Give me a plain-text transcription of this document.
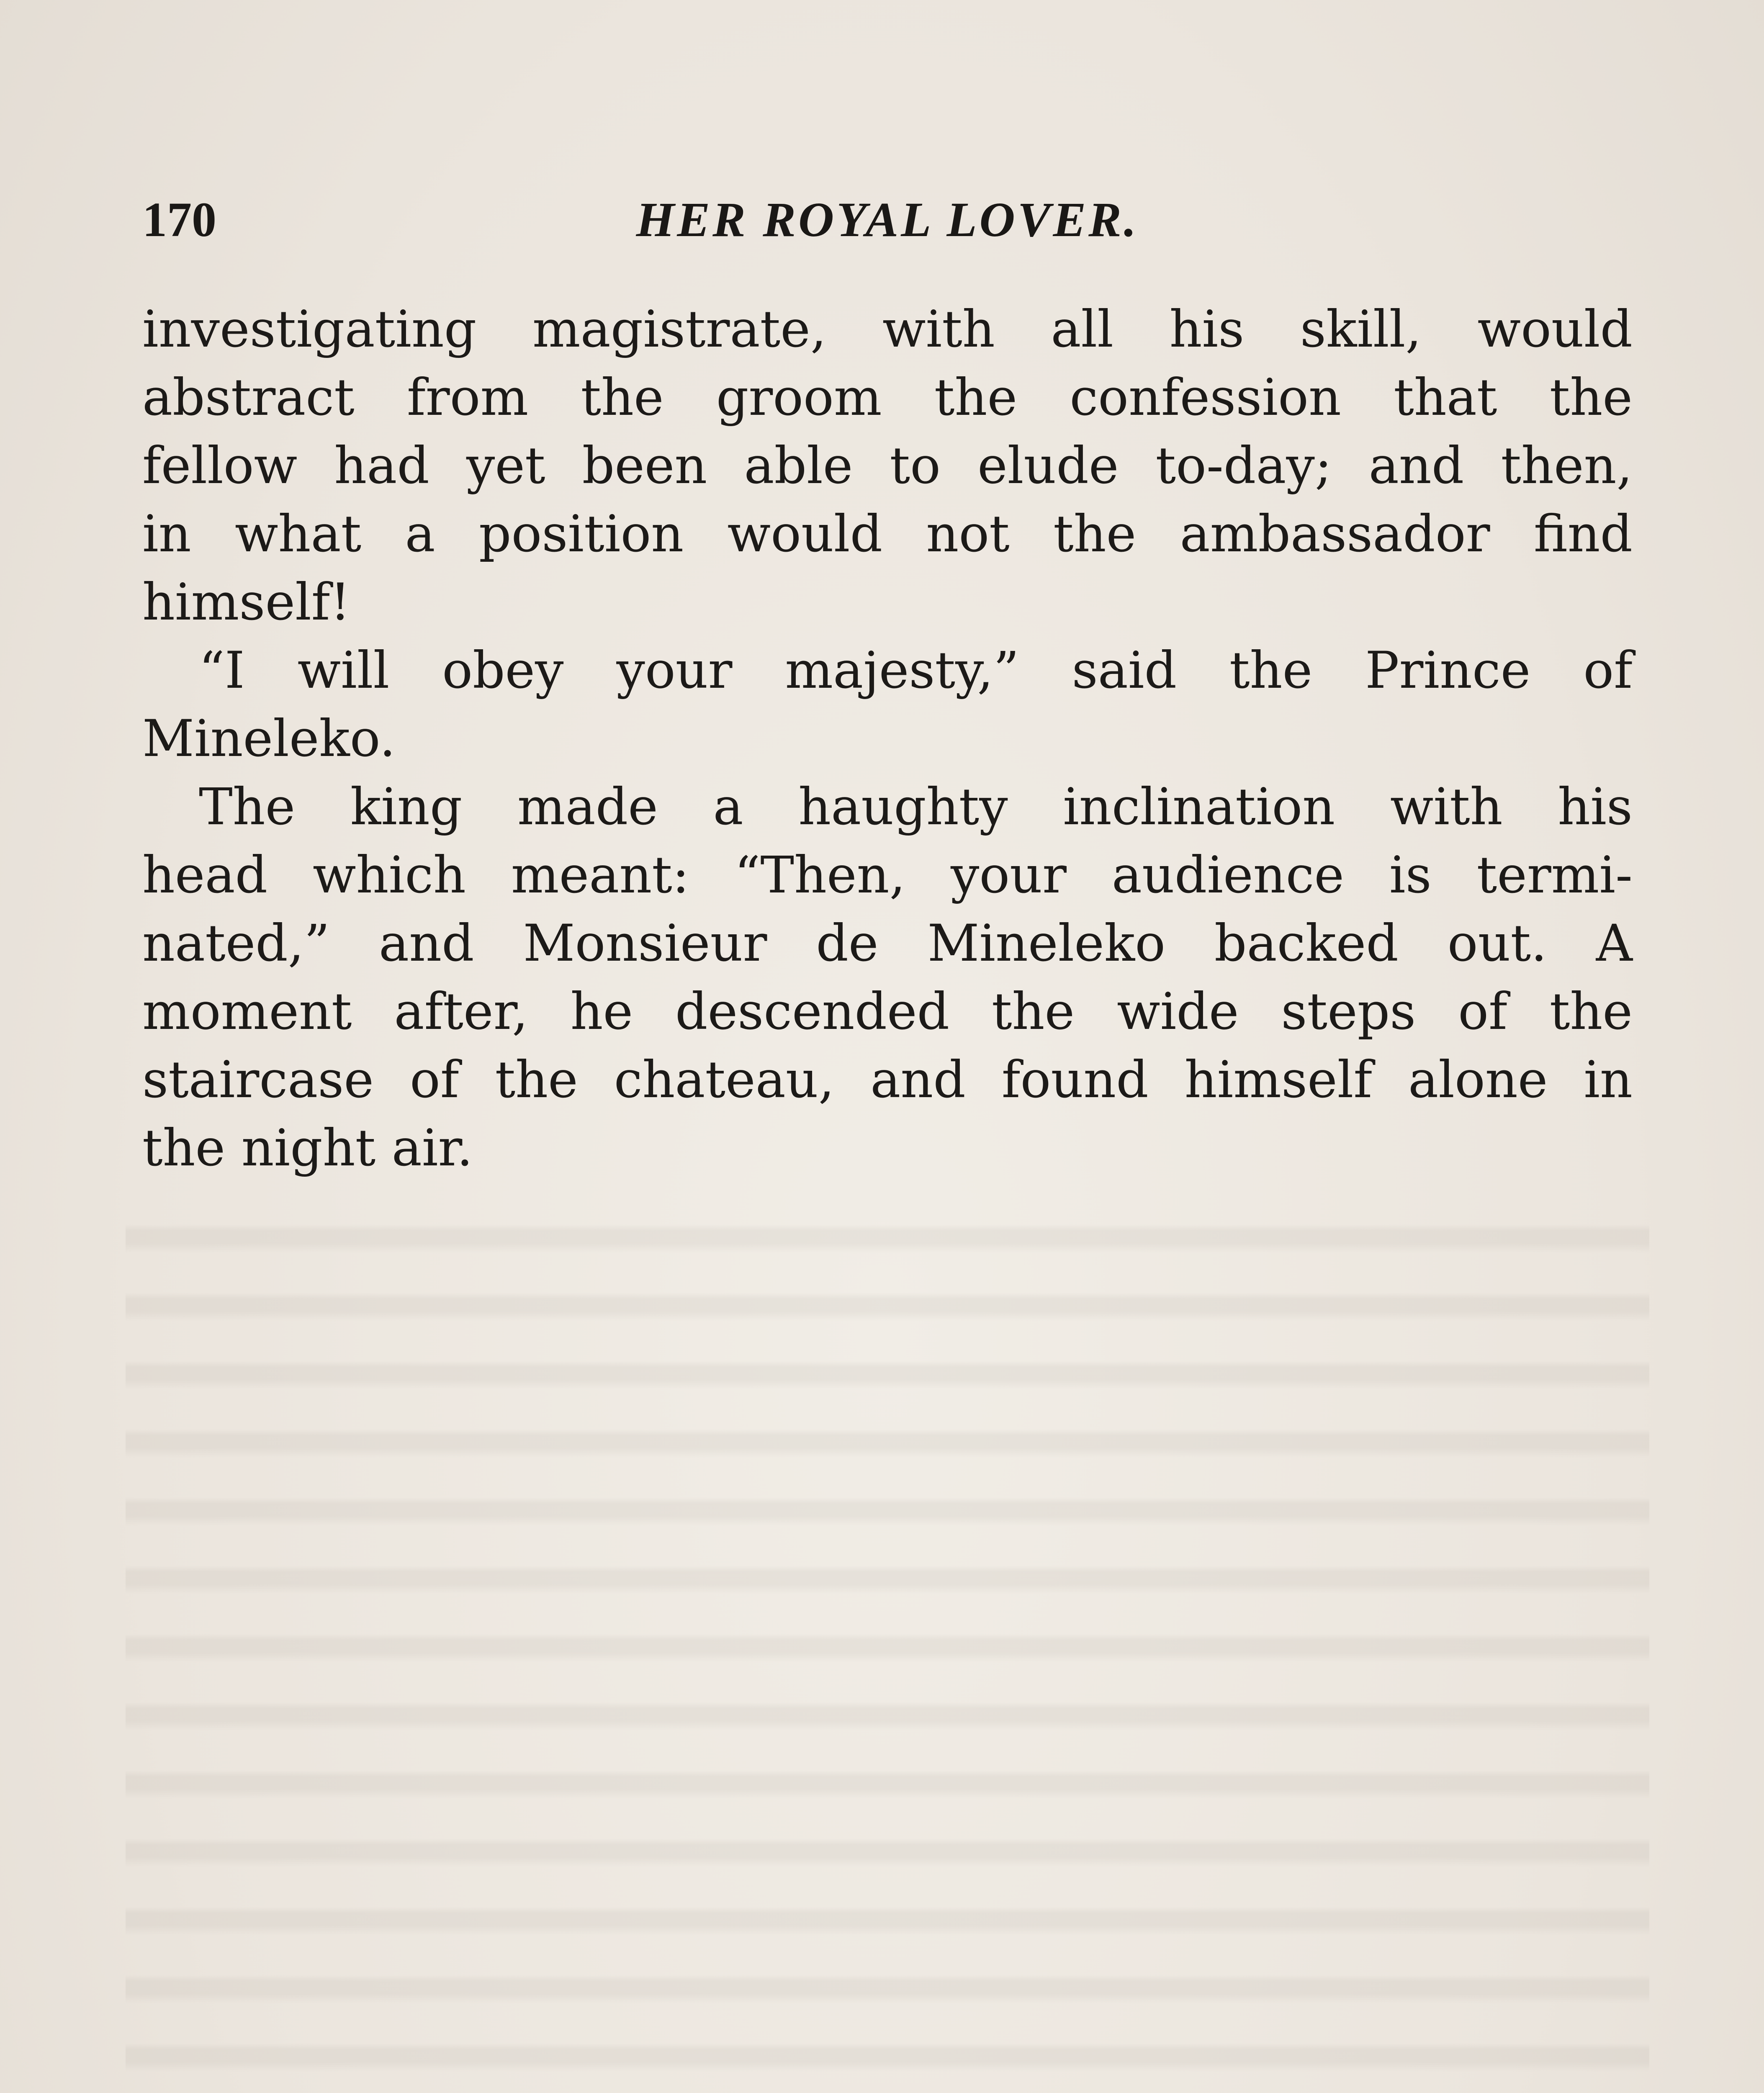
170	HER ROYAL LOVER.
investigating magistrate, with all his skill, would
abstract from the groom the confession that the
fellow had yet been able to elude to-day; and then,
in what a position would not the ambassador find
himself!
“I will obey your majesty,” said the Prince of
Mineleko.
The king made a haughty inclination with his
head which meant: “Then, your audience is termi-
nated,” and Monsieur de Mineleko backed out. A
moment after, he descended the wide steps of the
staircase of the chateau, and found himself alone in
the night air.
